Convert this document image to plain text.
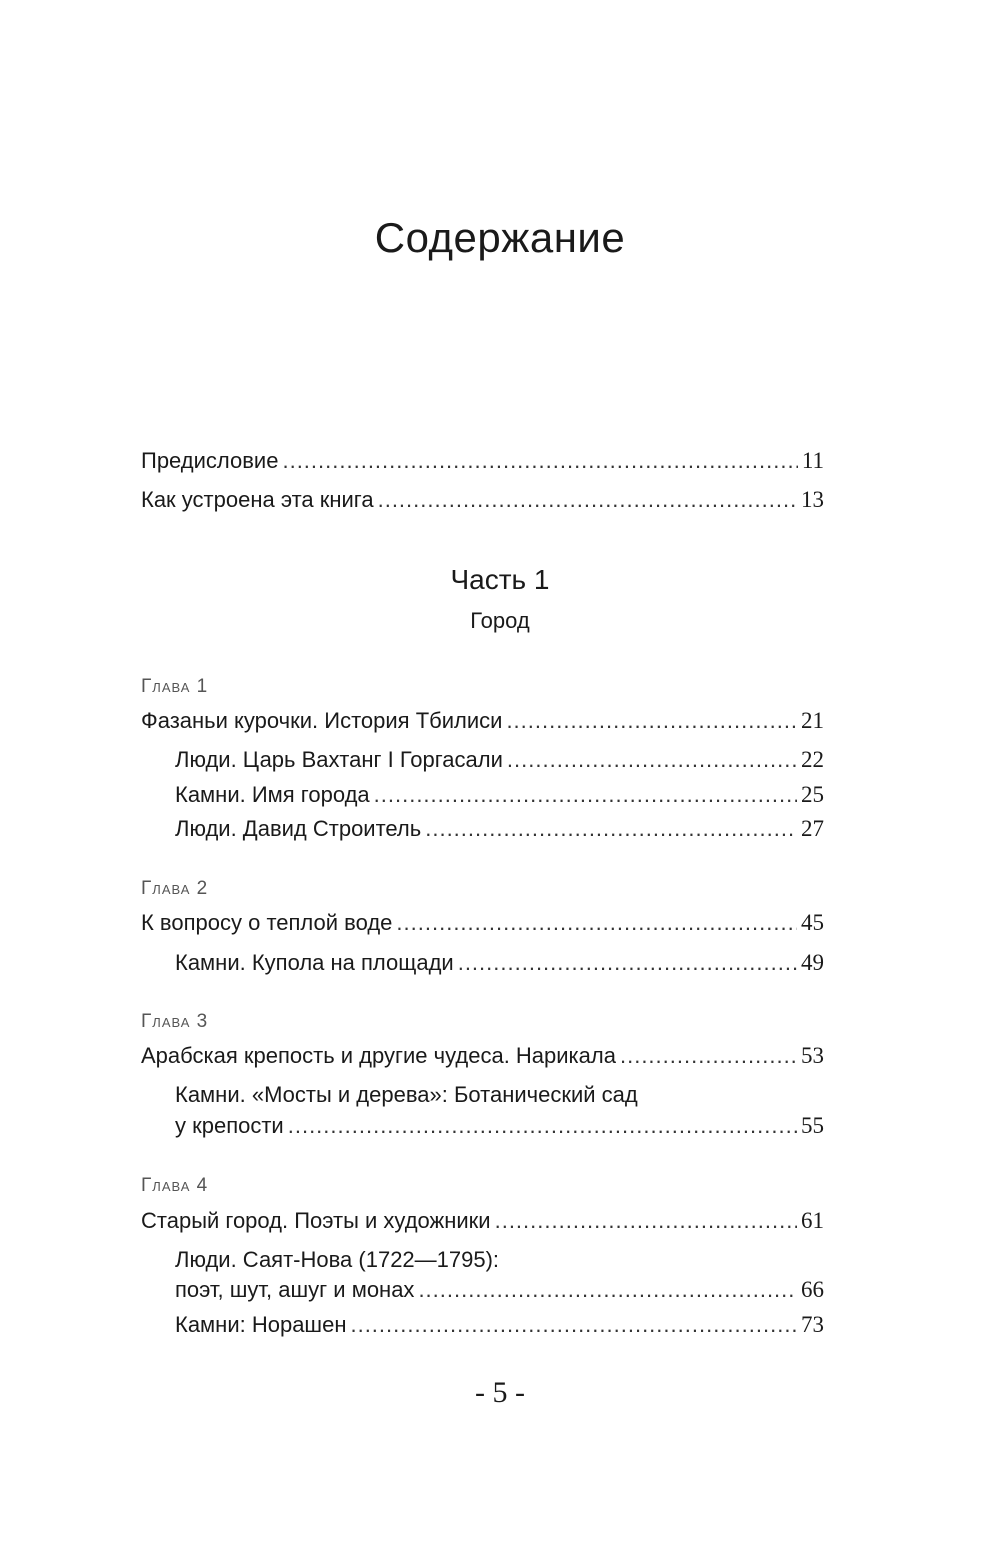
Содержание
Предисловие .....	11
Как устроена эта книга .....	13
Часть 1
Город
Глава 1
Фазаньи курочки. История Тбилиси .....	21
Люди. Царь Вахтанг I Горгасали .....	22
Камни. Имя города .....	25
Люди. Давид Строитель .....	27
Глава 2
К вопросу о теплой воде .....	45
Камни. Купола на площади .....	49
Глава 3
Арабская крепость и другие чудеса. Нарикала .....	53
Камни. «Мосты и дерева»: Ботанический сад
у крепости .....	55
Глава 4
Старый город. Поэты и художники .....	61
Люди. Саят-Нова (1722—1795):
поэт, шут, ашуг и монах .....	66
Камни: Норашен .....	73
- 5 -
